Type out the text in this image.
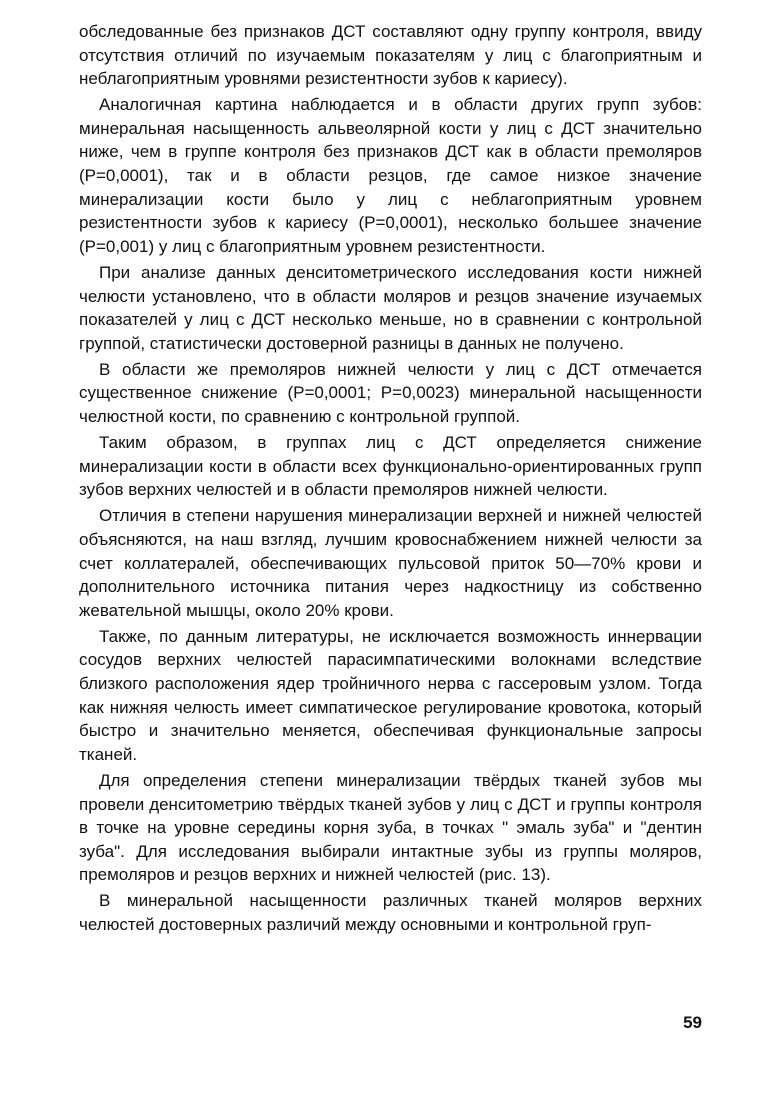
обследованные без признаков ДСТ составляют одну группу контроля, ввиду отсутствия отличий по изучаемым показателям у лиц с благоприятным и неблагоприятным уровнями резистентности зубов к кариесу).

Аналогичная картина наблюдается и в области других групп зубов: минеральная насыщенность альвеолярной кости у лиц с ДСТ значительно ниже, чем в группе контроля без признаков ДСТ как в области премоляров (P=0,0001), так и в области резцов, где самое низкое значение минерализации кости было у лиц с неблагоприятным уровнем резистентности зубов к кариесу (P=0,0001), несколько большее значение (P=0,001) у лиц с благоприятным уровнем резистентности.

При анализе данных денситометрического исследования кости нижней челюсти установлено, что в области моляров и резцов значение изучаемых показателей у лиц с ДСТ несколько меньше, но в сравнении с контрольной группой, статистически достоверной разницы в данных не получено.

В области же премоляров нижней челюсти у лиц с ДСТ отмечается существенное снижение (P=0,0001; P=0,0023) минеральной насыщенности челюстной кости, по сравнению с контрольной группой.

Таким образом, в группах лиц с ДСТ определяется снижение минерализации кости в области всех функционально-ориентированных групп зубов верхних челюстей и в области премоляров нижней челюсти.

Отличия в степени нарушения минерализации верхней и нижней челюстей объясняются, на наш взгляд, лучшим кровоснабжением нижней челюсти за счет коллатералей, обеспечивающих пульсовой приток 50—70% крови и дополнительного источника питания через надкостницу из собственно жевательной мышцы, около 20% крови.

Также, по данным литературы, не исключается возможность иннервации сосудов верхних челюстей парасимпатическими волокнами вследствие близкого расположения ядер тройничного нерва с гассеровым узлом. Тогда как нижняя челюсть имеет симпатическое регулирование кровотока, который быстро и значительно меняется, обеспечивая функциональные запросы тканей.

Для определения степени минерализации твёрдых тканей зубов мы провели денситометрию твёрдых тканей зубов у лиц с ДСТ и группы контроля в точке на уровне середины корня зуба, в точках " эмаль зуба" и "дентин зуба". Для исследования выбирали интактные зубы из группы моляров, премоляров и резцов верхних и нижней челюстей (рис. 13).

В минеральной насыщенности различных тканей моляров верхних челюстей достоверных различий между основными и контрольной груп-

59
